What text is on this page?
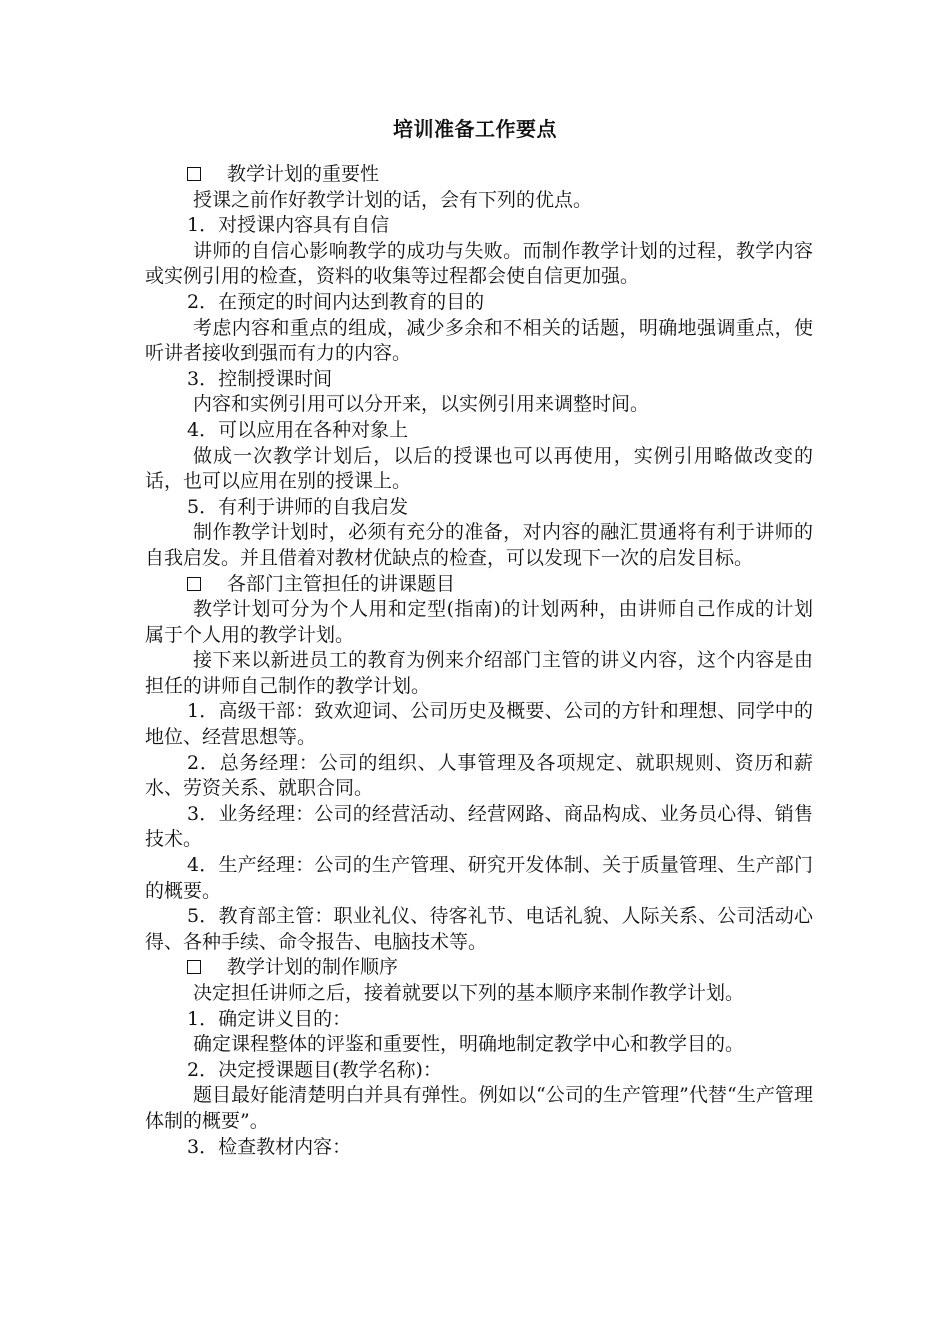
培训准备工作要点

教学计划的重要性

授课之前作好教学计划的话，会有下列的优点。

1．对授课内容具有自信

讲师的自信心影响教学的成功与失败。而制作教学计划的过程，教学内容或实例引用的检查，资料的收集等过程都会使自信更加强。

2．在预定的时间内达到教育的目的

考虑内容和重点的组成，减少多余和不相关的话题，明确地强调重点，使听讲者接收到强而有力的内容。

3．控制授课时间

内容和实例引用可以分开来，以实例引用来调整时间。

4．可以应用在各种对象上

做成一次教学计划后，以后的授课也可以再使用，实例引用略做改变的话，也可以应用在别的授课上。

5．有利于讲师的自我启发

制作教学计划时，必须有充分的准备，对内容的融汇贯通将有利于讲师的自我启发。并且借着对教材优缺点的检查，可以发现下一次的启发目标。

各部门主管担任的讲课题目

教学计划可分为个人用和定型(指南)的计划两种，由讲师自己作成的计划属于个人用的教学计划。

接下来以新进员工的教育为例来介绍部门主管的讲义内容，这个内容是由担任的讲师自己制作的教学计划。

1．高级干部：致欢迎词、公司历史及概要、公司的方针和理想、同学中的地位、经营思想等。

2．总务经理：公司的组织、人事管理及各项规定、就职规则、资历和薪水、劳资关系、就职合同。

3．业务经理：公司的经营活动、经营网路、商品构成、业务员心得、销售技术。

4．生产经理：公司的生产管理、研究开发体制、关于质量管理、生产部门的概要。

5．教育部主管：职业礼仪、待客礼节、电话礼貌、人际关系、公司活动心得、各种手续、命令报告、电脑技术等。

教学计划的制作顺序

决定担任讲师之后，接着就要以下列的基本顺序来制作教学计划。

1．确定讲义目的：

确定课程整体的评鉴和重要性，明确地制定教学中心和教学目的。

2．决定授课题目(教学名称)：

题目最好能清楚明白并具有弹性。例如以“公司的生产管理”代替“生产管理体制的概要”。

3．检查教材内容：
